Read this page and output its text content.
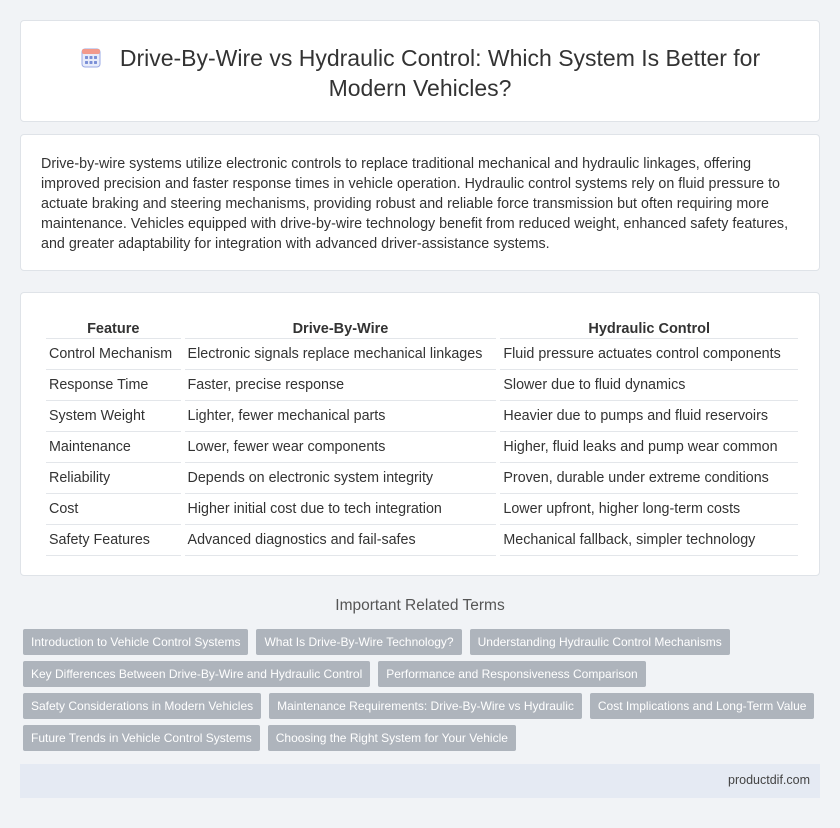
Drive-By-Wire vs Hydraulic Control: Which System Is Better for
Modern Vehicles?

Drive-by-wire systems utilize electronic controls to replace traditional mechanical and hydraulic linkages, offering improved precision and faster response times in vehicle operation. Hydraulic control systems rely on fluid pressure to actuate braking and steering mechanisms, providing robust and reliable force transmission but often requiring more maintenance. Vehicles equipped with drive-by-wire technology benefit from reduced weight, enhanced safety features, and greater adaptability for integration with advanced driver-assistance systems.

Feature	Drive-By-Wire	Hydraulic Control
Control Mechanism	Electronic signals replace mechanical linkages	Fluid pressure actuates control components
Response Time	Faster, precise response	Slower due to fluid dynamics
System Weight	Lighter, fewer mechanical parts	Heavier due to pumps and fluid reservoirs
Maintenance	Lower, fewer wear components	Higher, fluid leaks and pump wear common
Reliability	Depends on electronic system integrity	Proven, durable under extreme conditions
Cost	Higher initial cost due to tech integration	Lower upfront, higher long-term costs
Safety Features	Advanced diagnostics and fail-safes	Mechanical fallback, simpler technology
Important Related Terms
Introduction to Vehicle Control Systems	What Is Drive-By-Wire Technology?	Understanding Hydraulic Control Mechanisms
Key Differences Between Drive-By-Wire and Hydraulic Control	Performance and Responsiveness Comparison
Safety Considerations in Modern Vehicles	Maintenance Requirements: Drive-By-Wire vs Hydraulic	Cost Implications and Long-Term Value
Future Trends in Vehicle Control Systems	Choosing the Right System for Your Vehicle
productdif.com
